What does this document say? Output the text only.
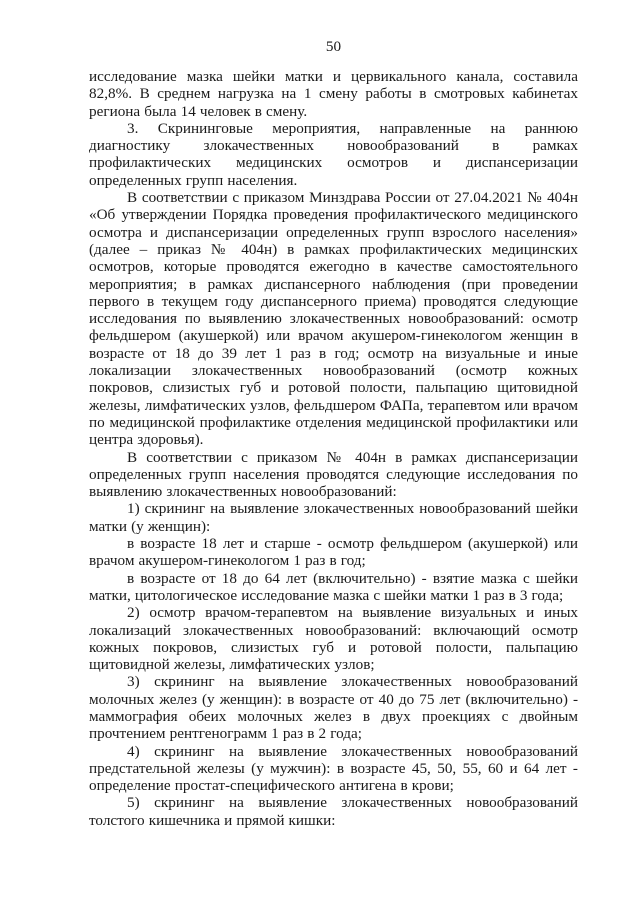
50

исследование мазка шейки матки и цервикального канала, составила 82,8%. В среднем нагрузка на 1 смену работы в смотровых кабинетах региона была 14 человек в смену.

3. Скрининговые мероприятия, направленные на раннюю диагностику злокачественных новообразований в рамках профилактических медицинских осмотров и диспансеризации определенных групп населения.

В соответствии с приказом Минздрава России от 27.04.2021 № 404н «Об утверждении Порядка проведения профилактического медицинского осмотра и диспансеризации определенных групп взрослого населения» (далее – приказ № 404н) в рамках профилактических медицинских осмотров, которые проводятся ежегодно в качестве самостоятельного мероприятия; в рамках диспансерного наблюдения (при проведении первого в текущем году диспансерного приема) проводятся следующие исследования по выявлению злокачественных новообразований: осмотр фельдшером (акушеркой) или врачом акушером-гинекологом женщин в возрасте от 18 до 39 лет 1 раз в год; осмотр на визуальные и иные локализации злокачественных новообразований (осмотр кожных покровов, слизистых губ и ротовой полости, пальпацию щитовидной железы, лимфатических узлов, фельдшером ФАПа, терапевтом или врачом по медицинской профилактике отделения медицинской профилактики или центра здоровья).

В соответствии с приказом № 404н в рамках диспансеризации определенных групп населения проводятся следующие исследования по выявлению злокачественных новообразований:

1) скрининг на выявление злокачественных новообразований шейки матки (у женщин):

в возрасте 18 лет и старше - осмотр фельдшером (акушеркой) или врачом акушером-гинекологом 1 раз в год;

в возрасте от 18 до 64 лет (включительно) - взятие мазка с шейки матки, цитологическое исследование мазка с шейки матки 1 раз в 3 года;

2) осмотр врачом-терапевтом на выявление визуальных и иных локализаций злокачественных новообразований: включающий осмотр кожных покровов, слизистых губ и ротовой полости, пальпацию щитовидной железы, лимфатических узлов;

3) скрининг на выявление злокачественных новообразований молочных желез (у женщин): в возрасте от 40 до 75 лет (включительно) - маммография обеих молочных желез в двух проекциях с двойным прочтением рентгенограмм 1 раз в 2 года;

4) скрининг на выявление злокачественных новообразований предстательной железы (у мужчин): в возрасте 45, 50, 55, 60 и 64 лет - определение простат-специфического антигена в крови;

5) скрининг на выявление злокачественных новообразований толстого кишечника и прямой кишки:
